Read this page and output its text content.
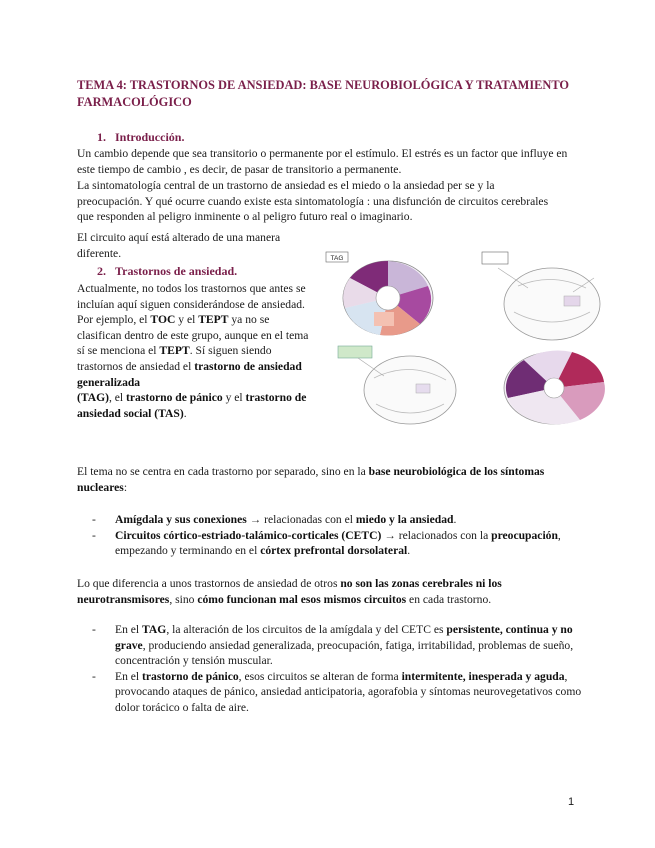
TEMA 4: TRASTORNOS DE ANSIEDAD: BASE NEUROBIOLÓGICA Y TRATAMIENTO FARMACOLÓGICO
1. Introducción.
Un cambio depende que sea transitorio o permanente por el estímulo. El estrés es un factor que influye en este tiempo de cambio , es decir, de pasar de transitorio a permanente.
La sintomatología central de un trastorno de ansiedad es el miedo o la ansiedad per se y la preocupación. Y qué ocurre cuando existe esta sintomatología : una disfunción de circuitos cerebrales que responden al peligro inminente o al peligro futuro real o imaginario.
El circuito aquí está alterado de una manera diferente.
2. Trastornos de ansiedad.
Actualmente, no todos los trastornos que antes se incluían aquí siguen considerándose de ansiedad. Por ejemplo, el TOC y el TEPT ya no se clasifican dentro de este grupo, aunque en el tema sí se menciona el TEPT. Sí siguen siendo trastornos de ansiedad el trastorno de ansiedad generalizada
(TAG), el trastorno de pánico y el trastorno de ansiedad social (TAS).
TAG
El tema no se centra en cada trastorno por separado, sino en la base neurobiológica de los síntomas nucleares:
- Amígdala y sus conexiones → relacionadas con el miedo y la ansiedad.
- Circuitos córtico-estriado-talámico-corticales (CETC) → relacionados con la preocupación, empezando y terminando en el córtex prefrontal dorsolateral.
Lo que diferencia a unos trastornos de ansiedad de otros no son las zonas cerebrales ni los neurotransmisores, sino cómo funcionan mal esos mismos circuitos en cada trastorno.
- En el TAG, la alteración de los circuitos de la amígdala y del CETC es persistente, continua y no grave, produciendo ansiedad generalizada, preocupación, fatiga, irritabilidad, problemas de sueño, concentración y tensión muscular.
- En el trastorno de pánico, esos circuitos se alteran de forma intermitente, inesperada y aguda, provocando ataques de pánico, ansiedad anticipatoria, agorafobia y síntomas neurovegetativos como dolor torácico o falta de aire.
1
